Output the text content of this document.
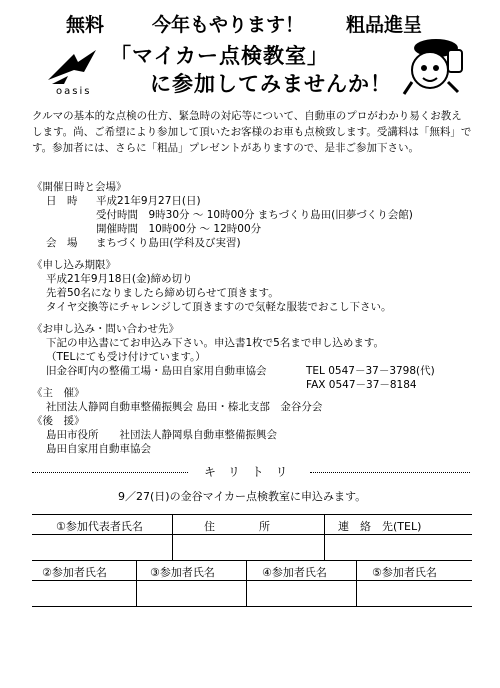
無料	今年もやります！ 粗品進呈
oasis
「マイカー点検教室」
に参加してみませんか！
クルマの基本的な点検の仕方、緊急時の対応等について、自動車のプロがわかり易くお教えします。尚、ご希望により参加して頂いたお客様のお車も点検致します。受講料は「無料」です。参加者には、さらに「粗品」プレゼントがありますので、是非ご参加下さい。
《開催日時と会場》
日　時 平成21年9月27日(日)
受付時間　9時30分 ～ 10時00分 まちづくり島田(旧夢づくり会館)
開催時間　10時00分 ～ 12時00分
会　場 まちづくり島田(学科及び実習)
《申し込み期限》
平成21年9月18日(金)締め切り
先着50名になりましたら締め切らせて頂きます。
タイヤ交換等にチャレンジして頂きますので気軽な服装でおこし下さい。
《お申し込み・問い合わせ先》
下記の申込書にてお申込み下さい。申込書1枚で5名まで申し込めます。
（TELにても受け付けています。）
旧金谷町内の整備工場・島田自家用自動車協会	TEL 0547－37－3798(代)
FAX 0547－37－8184
《主　催》
社団法人静岡自動車整備振興会 島田・榛北支部　金谷分会
《後　援》
島田市役所　　社団法人静岡県自動車整備振興会
島田自家用自動車協会
キ リ ト リ
9／27(日)の金谷マイカー点検教室に申込みます。
①参加代表者氏名	住　　　　所	連　絡　先(TEL)
②参加者氏名	③参加者氏名	④参加者氏名	⑤参加者氏名
